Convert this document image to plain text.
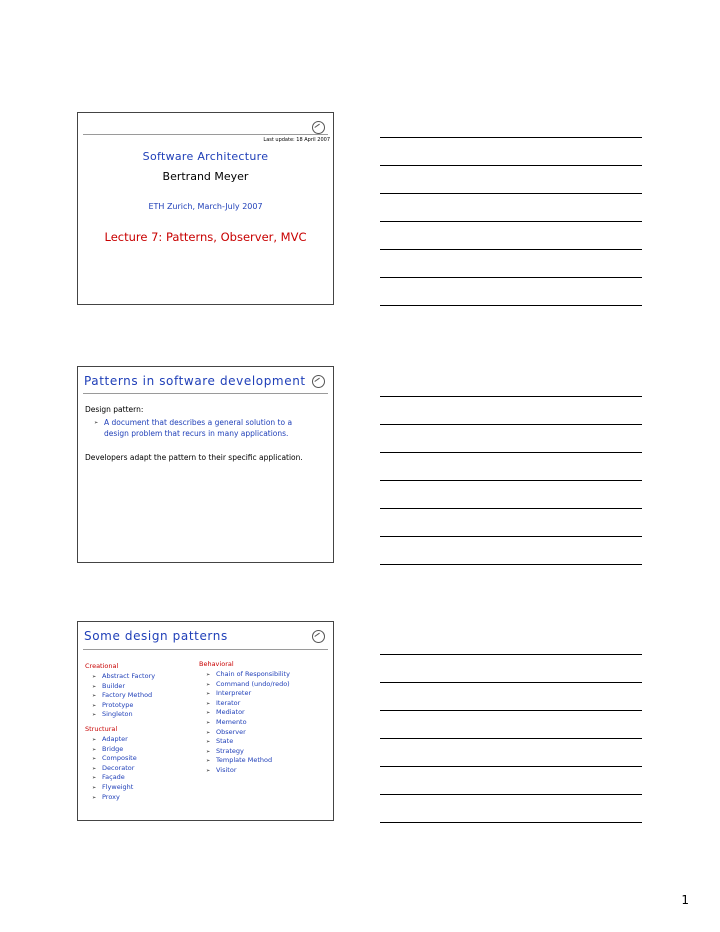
Last update: 18 April 2007
Software Architecture
Bertrand Meyer
ETH Zurich, March-July 2007
Lecture 7: Patterns, Observer, MVC
Patterns in software development
Design pattern:
➢ A document that describes a general solution to a
design problem that recurs in many applications.
Developers adapt the pattern to their specific application.
Some design patterns
Creational
➢ Abstract Factory
➢ Builder
➢ Factory Method
➢ Prototype
➢ Singleton
Structural
➢ Adapter
➢ Bridge
➢ Composite
➢ Decorator
➢ Façade
➢ Flyweight
➢ Proxy
Behavioral
➢ Chain of Responsibility
➢ Command (undo/redo)
➢ Interpreter
➢ Iterator
➢ Mediator
➢ Memento
➢ Observer
➢ State
➢ Strategy
➢ Template Method
➢ Visitor
1
